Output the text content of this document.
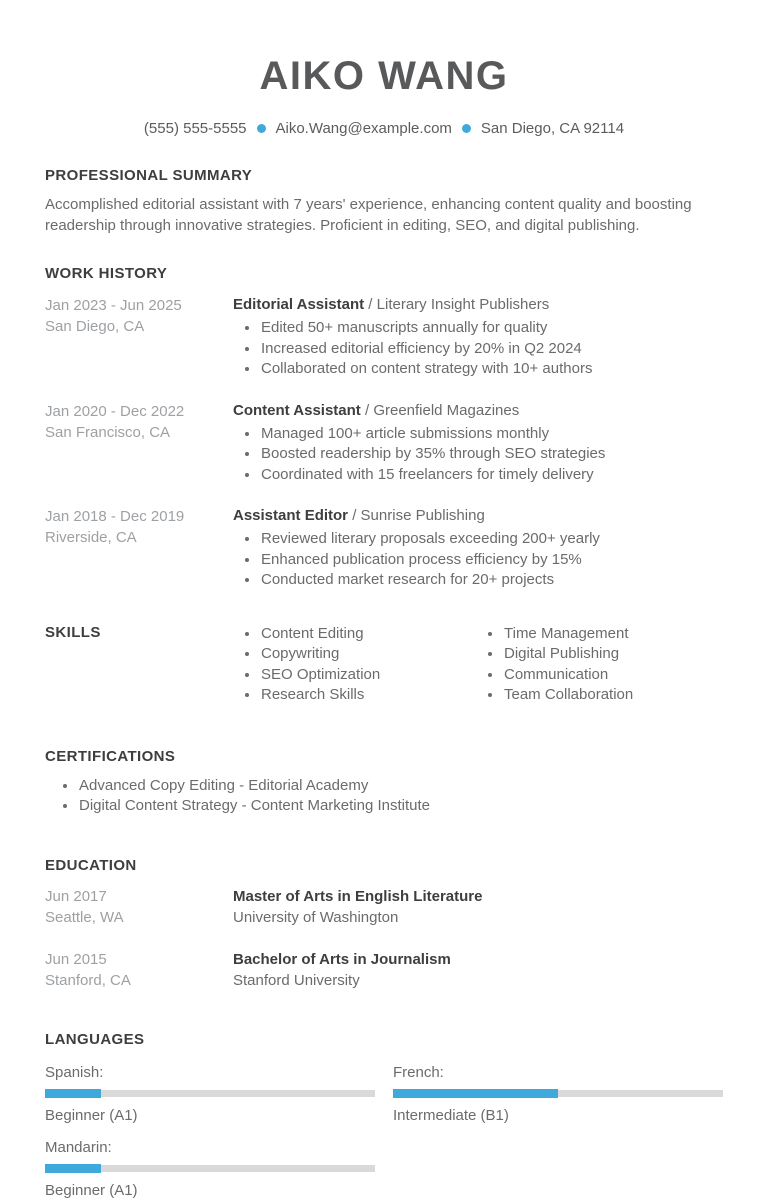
AIKO WANG
(555) 555-5555 Aiko.Wang@example.com San Diego, CA 92114
PROFESSIONAL SUMMARY

Accomplished editorial assistant with 7 years' experience, enhancing content quality and boosting readership through innovative strategies. Proficient in editing, SEO, and digital publishing.

WORK HISTORY
Jan 2023 - Jun 2025
San Diego, CA
Editorial Assistant / Literary Insight Publishers
• Edited 50+ manuscripts annually for quality
• Increased editorial efficiency by 20% in Q2 2024
• Collaborated on content strategy with 10+ authors
Jan 2020 - Dec 2022
San Francisco, CA
Content Assistant / Greenfield Magazines
• Managed 100+ article submissions monthly
• Boosted readership by 35% through SEO strategies
• Coordinated with 15 freelancers for timely delivery
Jan 2018 - Dec 2019
Riverside, CA
Assistant Editor / Sunrise Publishing
• Reviewed literary proposals exceeding 200+ yearly
• Enhanced publication process efficiency by 15%
• Conducted market research for 20+ projects
SKILLS	• Content Editing
• Copywriting
• SEO Optimization
• Research Skills
• Time Management
• Digital Publishing
• Communication
• Team Collaboration
CERTIFICATIONS
• Advanced Copy Editing - Editorial Academy
• Digital Content Strategy - Content Marketing Institute
EDUCATION
Jun 2017
Seattle, WA
Master of Arts in English Literature
University of Washington
Jun 2015
Stanford, CA
Bachelor of Arts in Journalism
Stanford University
LANGUAGES
Spanish:
Beginner (A1)
French:
Intermediate (B1)
Mandarin:
Beginner (A1)
